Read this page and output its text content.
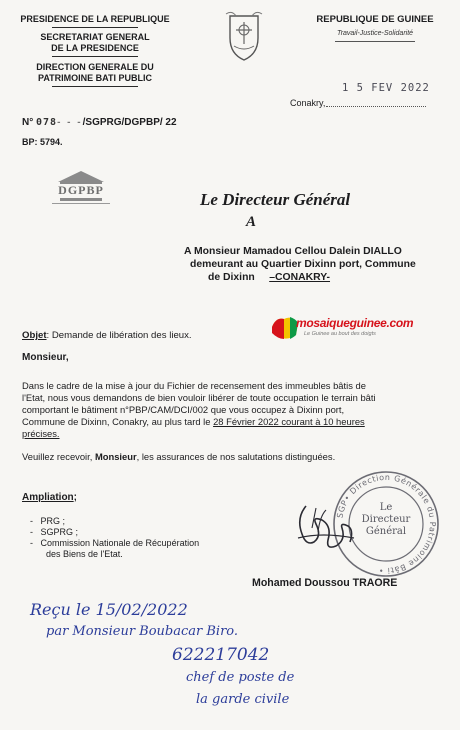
PRESIDENCE DE LA REPUBLIQUE
SECRETARIAT GENERAL
DE LA PRESIDENCE
DIRECTION GENERALE DU
PATRIMOINE BATI PUBLIC
N° 078- - -/SGPRG/DGPBP/ 22
BP: 5794.
DGPBP
REPUBLIQUE DE GUINEE
Travail-Justice-Solidarité
1 5 FEV 2022
Conakry,
Le Directeur Général
A
A Monsieur Mamadou Cellou Dalein DIALLO
demeurant au Quartier Dixinn port, Commune
de Dixinn –CONAKRY-
mosaiqueguinee.com
Le Guinee au bout des doigts
Objet: Demande de libération des lieux.
Monsieur,
Dans le cadre de la mise à jour du Fichier de recensement des immeubles bâtis de
l'Etat, nous vous demandons de bien vouloir libérer de toute occupation le terrain bâti
comportant le bâtiment n°PBP/CAM/DCI/002 que vous occupez à Dixinn port,
Commune de Dixinn, Conakry, au plus tard le 28 Février 2022 courant à 10 heures
précises.
Veuillez recevoir, Monsieur, les assurances de nos salutations distinguées.
Ampliation;
-   PRG ;
-   SGPRG ;
-   Commission Nationale de Récupération
des Biens de l'Etat.
SGP• Direction Générale du Patrimoine Bâti •
Le
Directeur
Général
Mohamed Doussou TRAORE
Reçu le 15/02/2022
par Monsieur Boubacar Biro.
622217042
chef de poste de
la garde civile
